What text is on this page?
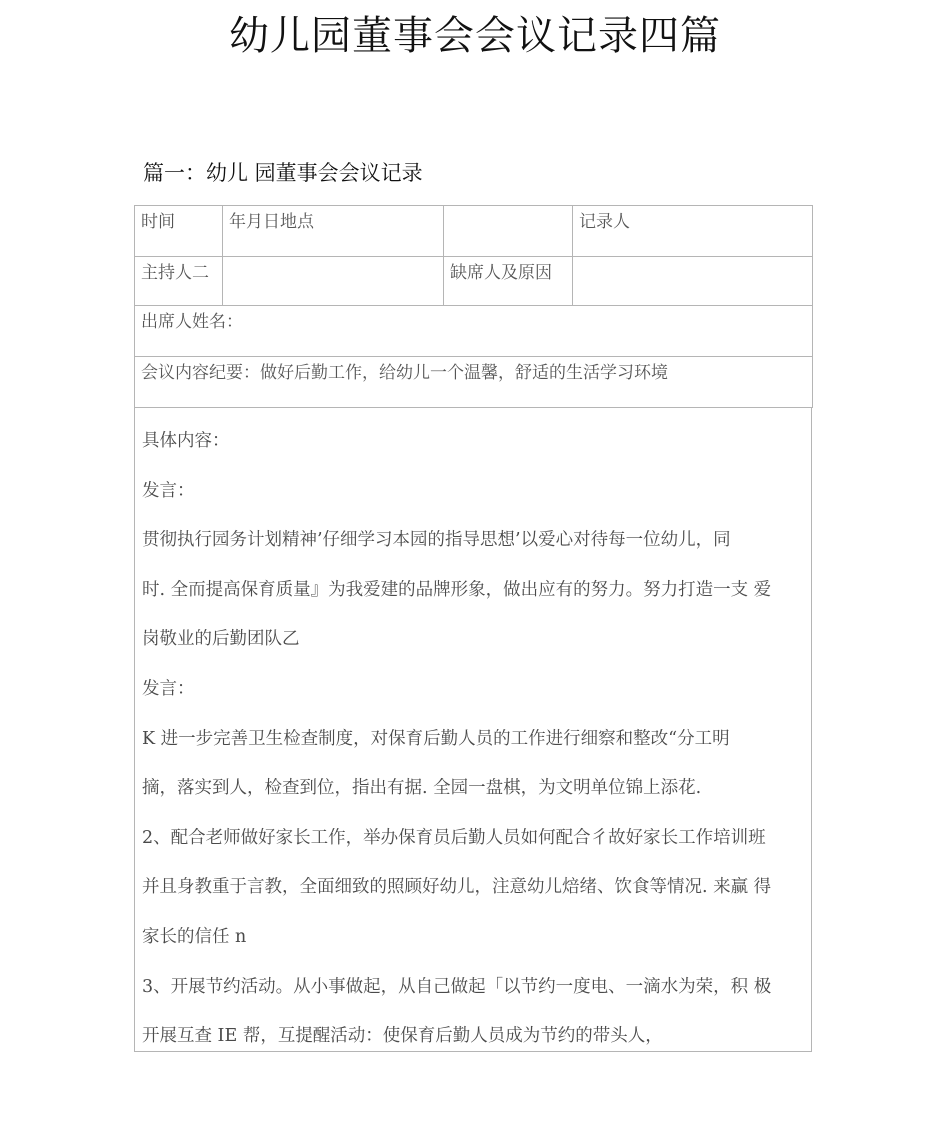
幼儿园董事会会议记录四篇
篇一：幼儿 园董事会会议记录
时间	年月日地点		记录人
主持人二		缺席人及原因	
出席人姓名：			
会议内容纪要：做好后勤工作，给幼儿一个温馨，舒适的生活学习环境			

具体内容：

发言：

贯彻执行园务计划精神’仔细学习本园的指导思想’以爱心对待每一位幼儿，同

时. 全而提高保育质量』为我爱建的品牌形象，做出应有的努力。努力打造一支 爱

岗敬业的后勤团队乙

发言：

K 进一步完善卫生检查制度，对保育后勤人员的工作进行细察和整改“分工明

摘，落实到人，检查到位，指出有据. 全园一盘棋，为文明单位锦上添花.

2、配合老师做好家长工作，举办保育员后勤人员如何配合彳故好家长工作培训班

并且身教重于言教，全面细致的照顾好幼儿，注意幼儿焙绪、饮食等情况. 来赢 得

家长的信任 n

3、开展节约活动。从小事做起，从自己做起「以节约一度电、一滴水为荣，积 极

开展互查 IE 帮，互提醒活动：使保育后勤人员成为节约的带头人，
